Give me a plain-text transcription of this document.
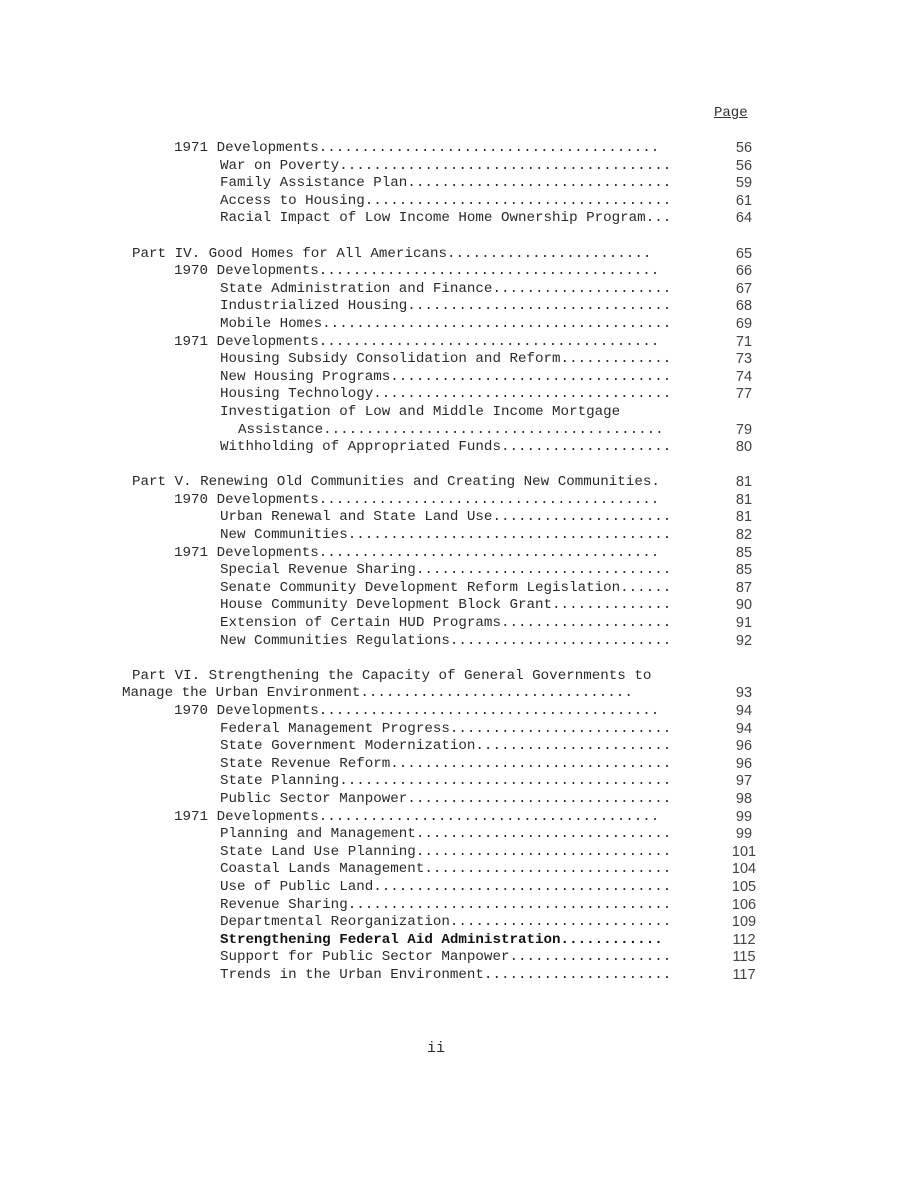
Page
1971 Developments........................................	56
War on Poverty.......................................	56
Family Assistance Plan...............................	59
Access to Housing....................................	61
Racial Impact of Low Income Home Ownership Program...	64
Part IV. Good Homes for All Americans........................	65
1970 Developments........................................	66
State Administration and Finance.....................	67
Industrialized Housing...............................	68
Mobile Homes.........................................	69
1971 Developments........................................	71
Housing Subsidy Consolidation and Reform.............	73
New Housing Programs.................................	74
Housing Technology...................................	77
Investigation of Low and Middle Income Mortgage
Assistance........................................	79
Withholding of Appropriated Funds....................	80
Part V. Renewing Old Communities and Creating New Communities.	81
1970 Developments........................................	81
Urban Renewal and State Land Use.....................	81
New Communities......................................	82
1971 Developments........................................	85
Special Revenue Sharing..............................	85
Senate Community Development Reform Legislation......	87
House Community Development Block Grant..............	90
Extension of Certain HUD Programs....................	91
New Communities Regulations..........................	92
Part VI. Strengthening the Capacity of General Governments to
Manage the Urban Environment................................	93
1970 Developments........................................	94
Federal Management Progress..........................	94
State Government Modernization.......................	96
State Revenue Reform.................................	96
State Planning.......................................	97
Public Sector Manpower...............................	98
1971 Developments........................................	99
Planning and Management..............................	99
State Land Use Planning..............................	101
Coastal Lands Management.............................	104
Use of Public Land...................................	105
Revenue Sharing......................................	106
Departmental Reorganization..........................	109
Strengthening Federal Aid Administration............	112
Support for Public Sector Manpower...................	115
Trends in the Urban Environment......................	117
ii
